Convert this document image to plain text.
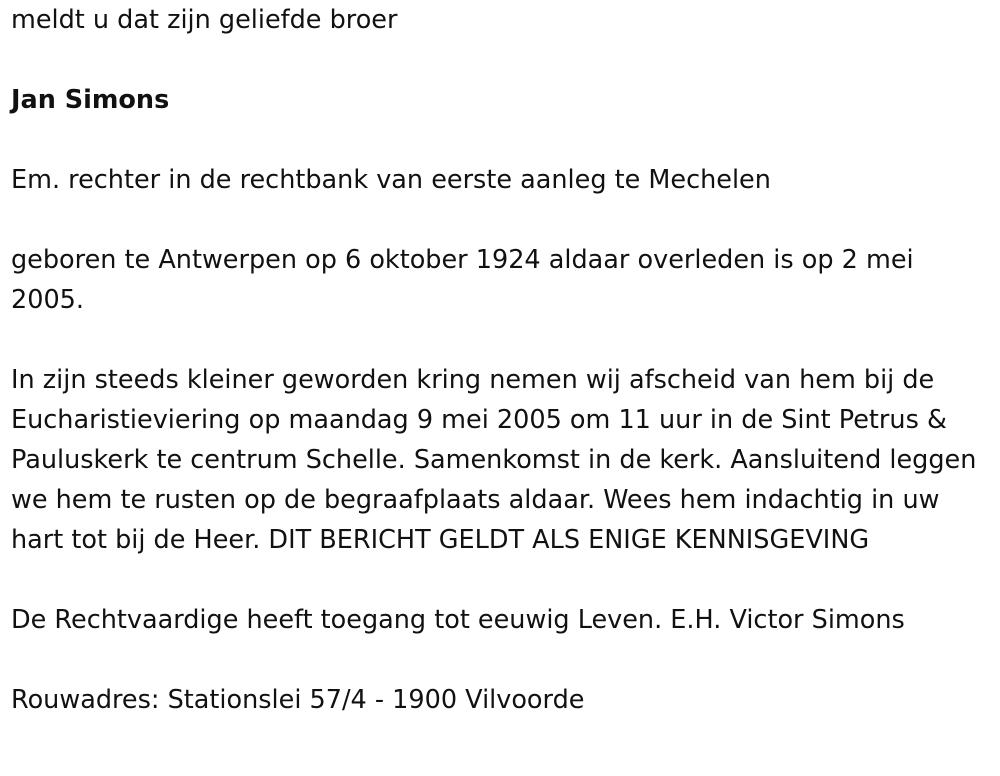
meldt u dat zijn geliefde broer

Jan Simons

Em. rechter in de rechtbank van eerste aanleg te Mechelen

geboren te Antwerpen op 6 oktober 1924 aldaar overleden is op 2 mei 2005.

In zijn steeds kleiner geworden kring nemen wij afscheid van hem bij de Eucharistieviering op maandag 9 mei 2005 om 11 uur in de Sint Petrus & Pauluskerk te centrum Schelle. Samenkomst in de kerk. Aansluitend leggen we hem te rusten op de begraafplaats aldaar. Wees hem indachtig in uw hart tot bij de Heer. DIT BERICHT GELDT ALS ENIGE KENNISGEVING

De Rechtvaardige heeft toegang tot eeuwig Leven. E.H. Victor Simons

Rouwadres: Stationslei 57/4 - 1900 Vilvoorde
